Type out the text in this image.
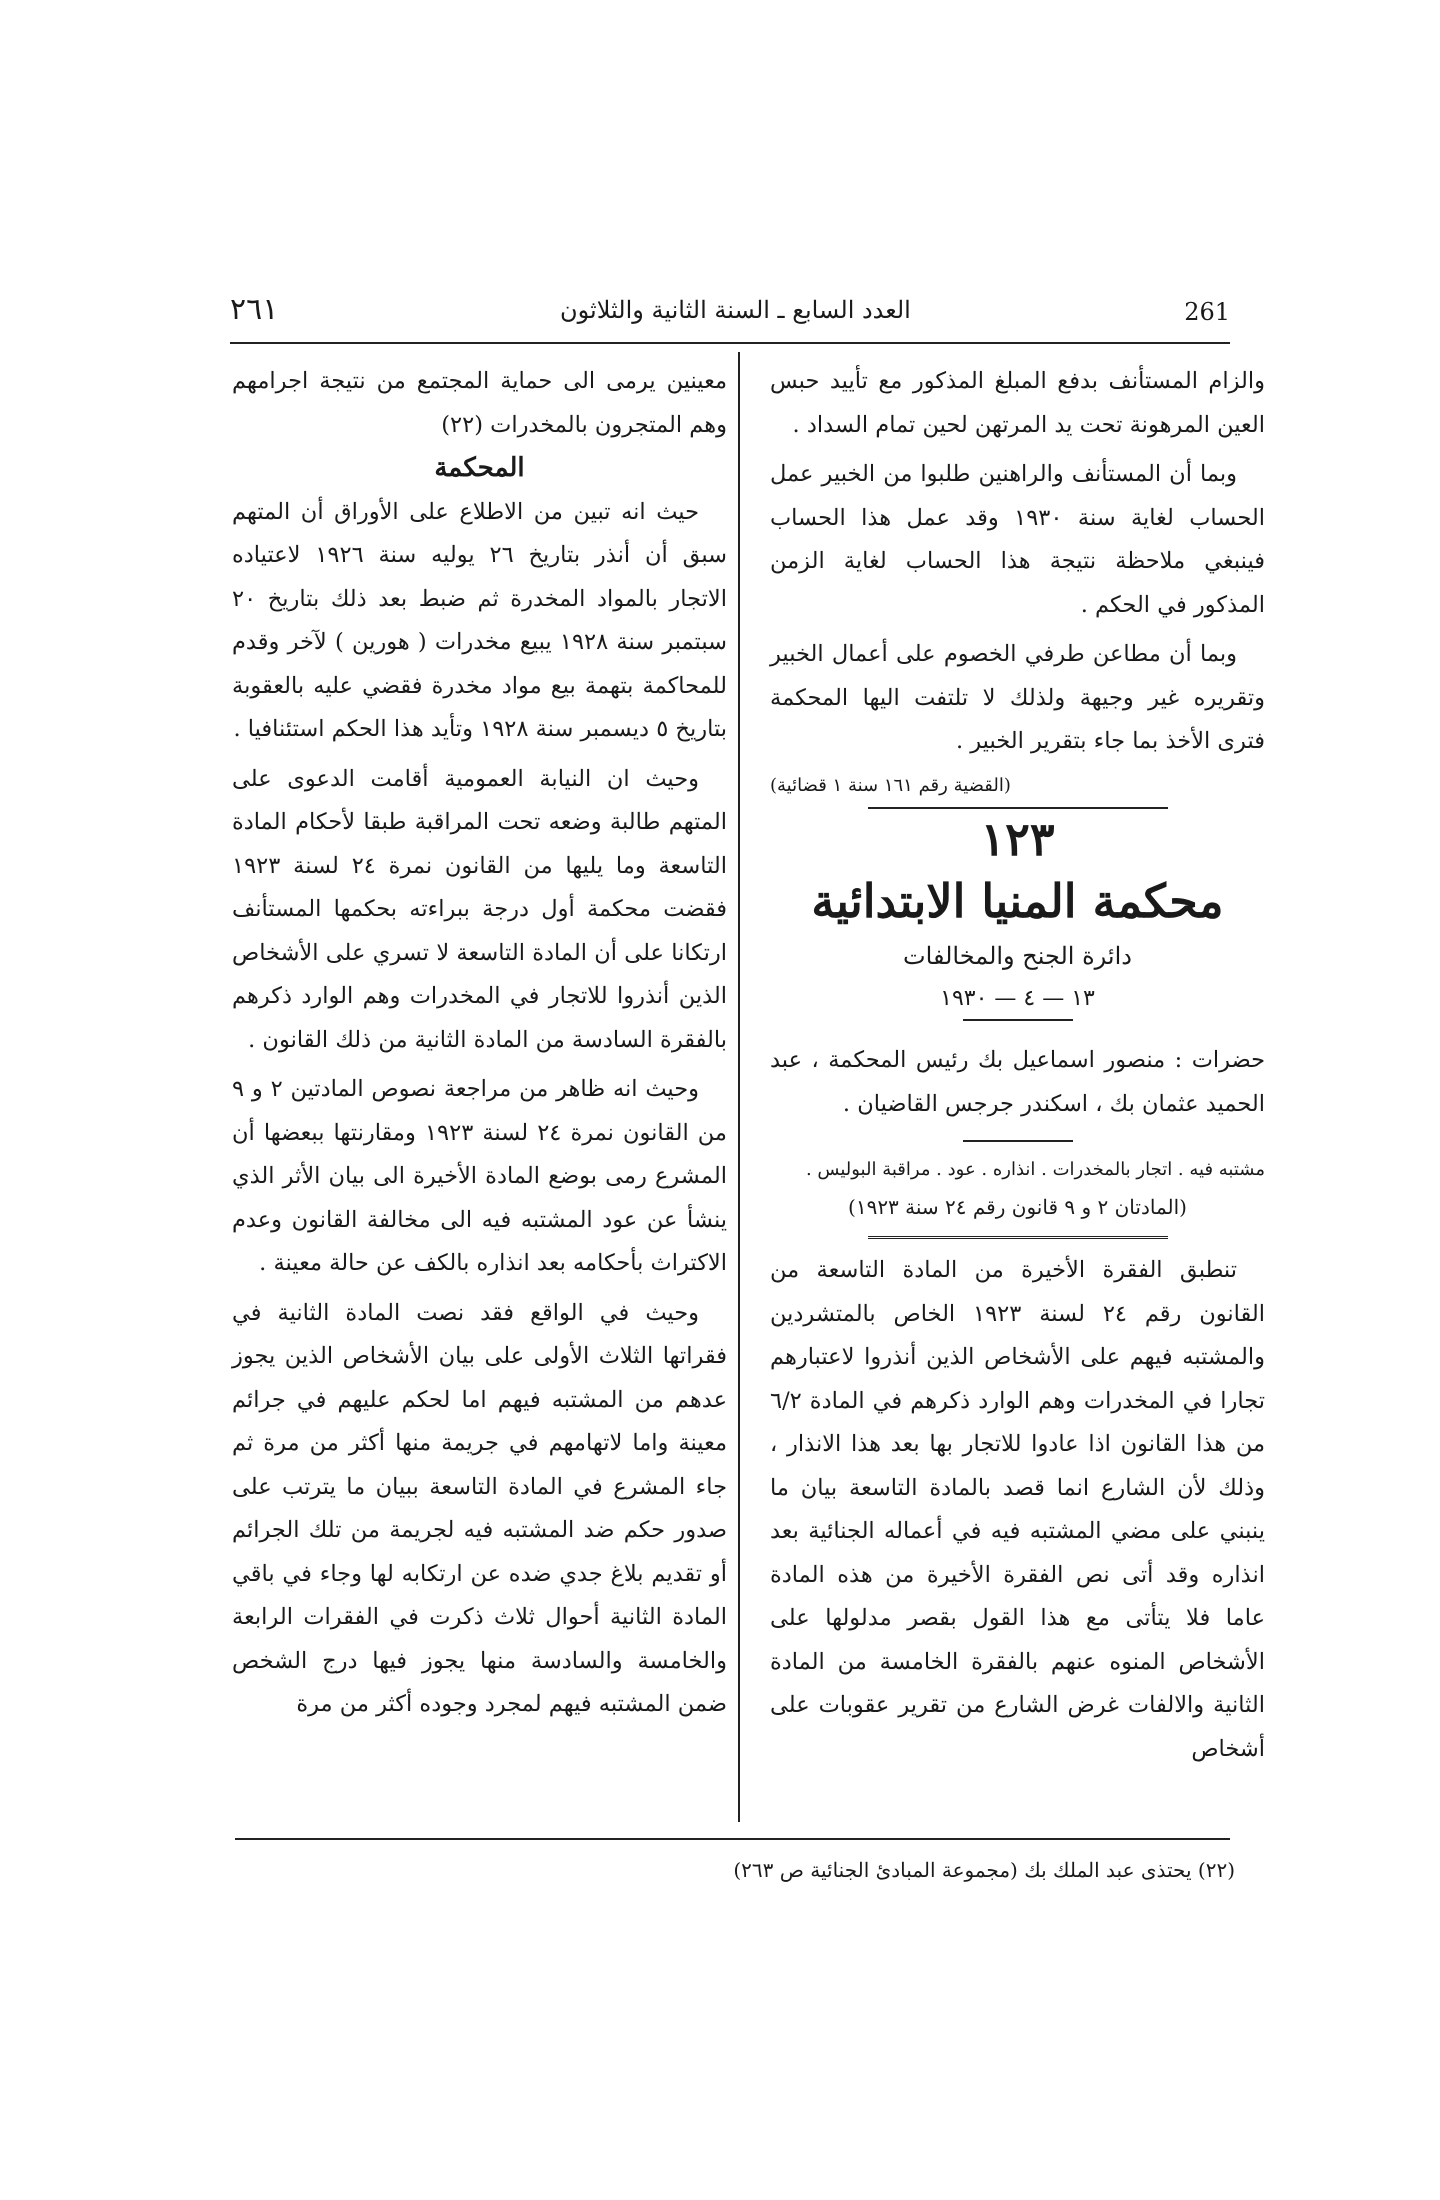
٢٦١	العدد السابع ـ السنة الثانية والثلاثون	261

والزام المستأنف بدفع المبلغ المذكور مع تأييد حبس العين المرهونة تحت يد المرتهن لحين تمام السداد .

وبما أن المستأنف والراهنين طلبوا من الخبير عمل الحساب لغاية سنة ١٩٣٠ وقد عمل هذا الحساب فينبغي ملاحظة نتيجة هذا الحساب لغاية الزمن المذكور في الحكم .

وبما أن مطاعن طرفي الخصوم على أعمال الخبير وتقريره غير وجيهة ولذلك لا تلتفت اليها المحكمة فترى الأخذ بما جاء بتقرير الخبير .

(القضية رقم ١٦١ سنة ١ قضائية)

١٢٣

محكمة المنيا الابتدائية

دائرة الجنح والمخالفات

١٣ — ٤ — ١٩٣٠

حضرات : منصور اسماعيل بك رئيس المحكمة ، عبد الحميد عثمان بك ، اسكندر جرجس القاضيان .

مشتبه فيه . اتجار بالمخدرات . انذاره . عود . مراقبة البوليس .

(المادتان ٢ و ٩ قانون رقم ٢٤ سنة ١٩٢٣)

تنطبق الفقرة الأخيرة من المادة التاسعة من القانون رقم ٢٤ لسنة ١٩٢٣ الخاص بالمتشردين والمشتبه فيهم على الأشخاص الذين أنذروا لاعتبارهم تجارا في المخدرات وهم الوارد ذكرهم في المادة ٦/٢ من هذا القانون اذا عادوا للاتجار بها بعد هذا الانذار ، وذلك لأن الشارع انما قصد بالمادة التاسعة بيان ما ينبني على مضي المشتبه فيه في أعماله الجنائية بعد انذاره وقد أتى نص الفقرة الأخيرة من هذه المادة عاما فلا يتأتى مع هذا القول بقصر مدلولها على الأشخاص المنوه عنهم بالفقرة الخامسة من المادة الثانية والالفات غرض الشارع من تقرير عقوبات على أشخاص

معينين يرمى الى حماية المجتمع من نتيجة اجرامهم وهم المتجرون بالمخدرات (٢٢)

المحكمة

حيث انه تبين من الاطلاع على الأوراق أن المتهم سبق أن أنذر بتاريخ ٢٦ يوليه سنة ١٩٢٦ لاعتياده الاتجار بالمواد المخدرة ثم ضبط بعد ذلك بتاريخ ٢٠ سبتمبر سنة ١٩٢٨ يبيع مخدرات ( هورين ) لآخر وقدم للمحاكمة بتهمة بيع مواد مخدرة فقضي عليه بالعقوبة بتاريخ ٥ ديسمبر سنة ١٩٢٨ وتأيد هذا الحكم استئنافيا .

وحيث ان النيابة العمومية أقامت الدعوى على المتهم طالبة وضعه تحت المراقبة طبقا لأحكام المادة التاسعة وما يليها من القانون نمرة ٢٤ لسنة ١٩٢٣ فقضت محكمة أول درجة ببراءته بحكمها المستأنف ارتكانا على أن المادة التاسعة لا تسري على الأشخاص الذين أنذروا للاتجار في المخدرات وهم الوارد ذكرهم بالفقرة السادسة من المادة الثانية من ذلك القانون .

وحيث انه ظاهر من مراجعة نصوص المادتين ٢ و ٩ من القانون نمرة ٢٤ لسنة ١٩٢٣ ومقارنتها ببعضها أن المشرع رمى بوضع المادة الأخيرة الى بيان الأثر الذي ينشأ عن عود المشتبه فيه الى مخالفة القانون وعدم الاكتراث بأحكامه بعد انذاره بالكف عن حالة معينة .

وحيث في الواقع فقد نصت المادة الثانية في فقراتها الثلاث الأولى على بيان الأشخاص الذين يجوز عدهم من المشتبه فيهم اما لحكم عليهم في جرائم معينة واما لاتهامهم في جريمة منها أكثر من مرة ثم جاء المشرع في المادة التاسعة ببيان ما يترتب على صدور حكم ضد المشتبه فيه لجريمة من تلك الجرائم أو تقديم بلاغ جدي ضده عن ارتكابه لها وجاء في باقي المادة الثانية أحوال ثلاث ذكرت في الفقرات الرابعة والخامسة والسادسة منها يجوز فيها درج الشخص ضمن المشتبه فيهم لمجرد وجوده أكثر من مرة

(٢٢) يحتذى عبد الملك بك (مجموعة المبادئ الجنائية ص ٢٦٣)
